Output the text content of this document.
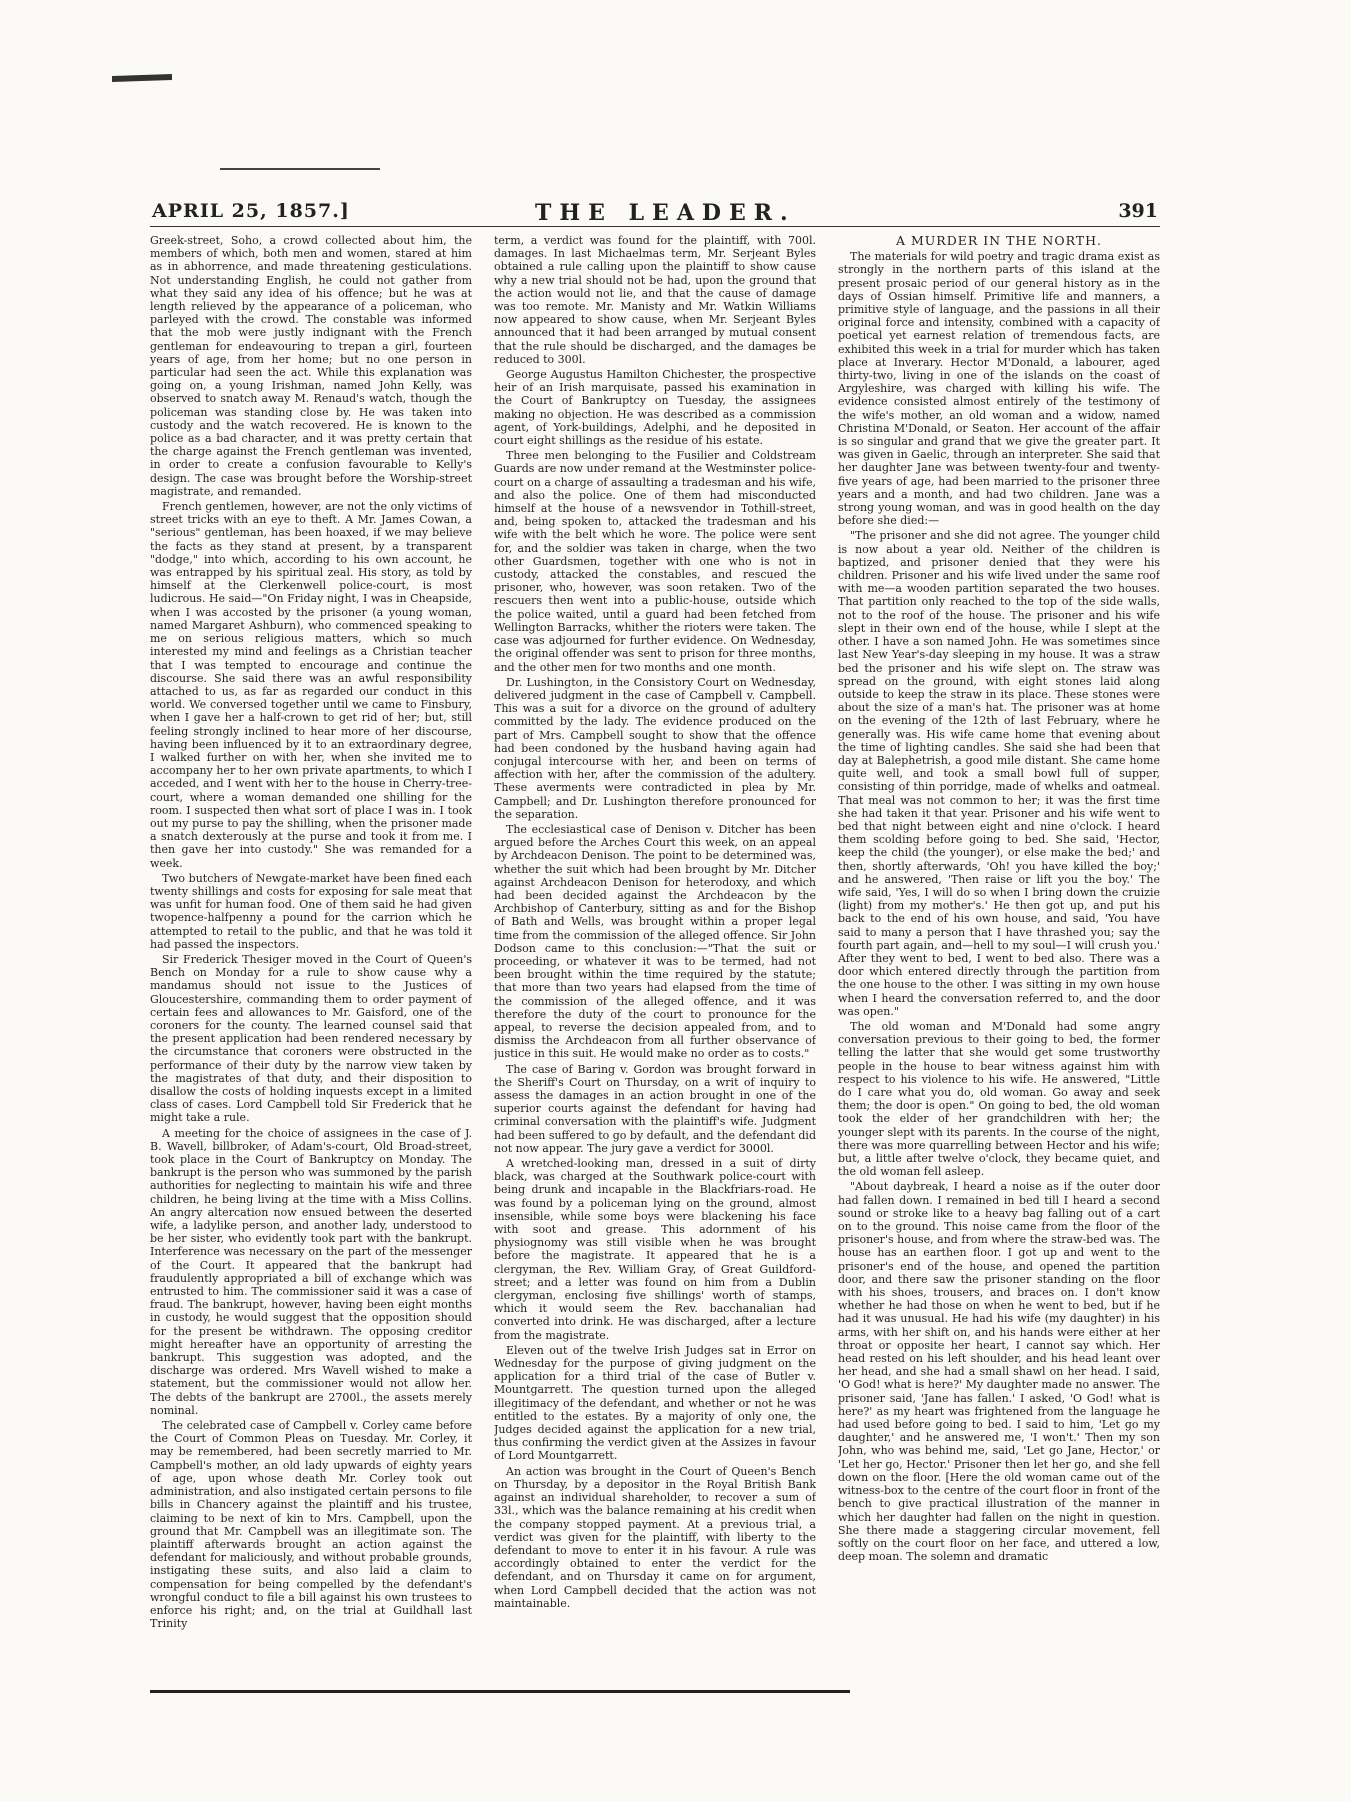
APRIL 25, 1857.]	THE LEADER.	391

Greek-street, Soho, a crowd collected about him, the members of which, both men and women, stared at him as in abhorrence, and made threatening gesticulations. Not understanding English, he could not gather from what they said any idea of his offence; but he was at length relieved by the appearance of a policeman, who parleyed with the crowd. The constable was informed that the mob were justly indignant with the French gentleman for endeavouring to trepan a girl, fourteen years of age, from her home; but no one person in particular had seen the act. While this explanation was going on, a young Irishman, named John Kelly, was observed to snatch away M. Renaud's watch, though the policeman was standing close by. He was taken into custody and the watch recovered. He is known to the police as a bad character, and it was pretty certain that the charge against the French gentleman was invented, in order to create a confusion favourable to Kelly's design. The case was brought before the Worship-street magistrate, and remanded.

French gentlemen, however, are not the only victims of street tricks with an eye to theft. A Mr. James Cowan, a "serious" gentleman, has been hoaxed, if we may believe the facts as they stand at present, by a transparent "dodge," into which, according to his own account, he was entrapped by his spiritual zeal. His story, as told by himself at the Clerkenwell police-court, is most ludicrous. He said—"On Friday night, I was in Cheapside, when I was accosted by the prisoner (a young woman, named Margaret Ashburn), who commenced speaking to me on serious religious matters, which so much interested my mind and feelings as a Christian teacher that I was tempted to encourage and continue the discourse. She said there was an awful responsibility attached to us, as far as regarded our conduct in this world. We conversed together until we came to Finsbury, when I gave her a half-crown to get rid of her; but, still feeling strongly inclined to hear more of her discourse, having been influenced by it to an extraordinary degree, I walked further on with her, when she invited me to accompany her to her own private apartments, to which I acceded, and I went with her to the house in Cherry-tree-court, where a woman demanded one shilling for the room. I suspected then what sort of place I was in. I took out my purse to pay the shilling, when the prisoner made a snatch dexterously at the purse and took it from me. I then gave her into custody." She was remanded for a week.

Two butchers of Newgate-market have been fined each twenty shillings and costs for exposing for sale meat that was unfit for human food. One of them said he had given twopence-halfpenny a pound for the carrion which he attempted to retail to the public, and that he was told it had passed the inspectors.

Sir Frederick Thesiger moved in the Court of Queen's Bench on Monday for a rule to show cause why a mandamus should not issue to the Justices of Gloucestershire, commanding them to order payment of certain fees and allowances to Mr. Gaisford, one of the coroners for the county. The learned counsel said that the present application had been rendered necessary by the circumstance that coroners were obstructed in the performance of their duty by the narrow view taken by the magistrates of that duty, and their disposition to disallow the costs of holding inquests except in a limited class of cases. Lord Campbell told Sir Frederick that he might take a rule.

A meeting for the choice of assignees in the case of J. B. Wavell, billbroker, of Adam's-court, Old Broad-street, took place in the Court of Bankruptcy on Monday. The bankrupt is the person who was summoned by the parish authorities for neglecting to maintain his wife and three children, he being living at the time with a Miss Collins. An angry altercation now ensued between the deserted wife, a ladylike person, and another lady, understood to be her sister, who evidently took part with the bankrupt. Interference was necessary on the part of the messenger of the Court. It appeared that the bankrupt had fraudulently appropriated a bill of exchange which was entrusted to him. The commissioner said it was a case of fraud. The bankrupt, however, having been eight months in custody, he would suggest that the opposition should for the present be withdrawn. The opposing creditor might hereafter have an opportunity of arresting the bankrupt. This suggestion was adopted, and the discharge was ordered. Mrs Wavell wished to make a statement, but the commissioner would not allow her. The debts of the bankrupt are 2700l., the assets merely nominal.

The celebrated case of Campbell v. Corley came before the Court of Common Pleas on Tuesday. Mr. Corley, it may be remembered, had been secretly married to Mr. Campbell's mother, an old lady upwards of eighty years of age, upon whose death Mr. Corley took out administration, and also instigated certain persons to file bills in Chancery against the plaintiff and his trustee, claiming to be next of kin to Mrs. Campbell, upon the ground that Mr. Campbell was an illegitimate son. The plaintiff afterwards brought an action against the defendant for maliciously, and without probable grounds, instigating these suits, and also laid a claim to compensation for being compelled by the defendant's wrongful conduct to file a bill against his own trustees to enforce his right; and, on the trial at Guildhall last Trinity

term, a verdict was found for the plaintiff, with 700l. damages. In last Michaelmas term, Mr. Serjeant Byles obtained a rule calling upon the plaintiff to show cause why a new trial should not be had, upon the ground that the action would not lie, and that the cause of damage was too remote. Mr. Manisty and Mr. Watkin Williams now appeared to show cause, when Mr. Serjeant Byles announced that it had been arranged by mutual consent that the rule should be discharged, and the damages be reduced to 300l.

George Augustus Hamilton Chichester, the prospective heir of an Irish marquisate, passed his examination in the Court of Bankruptcy on Tuesday, the assignees making no objection. He was described as a commission agent, of York-buildings, Adelphi, and he deposited in court eight shillings as the residue of his estate.

Three men belonging to the Fusilier and Coldstream Guards are now under remand at the Westminster police-court on a charge of assaulting a tradesman and his wife, and also the police. One of them had misconducted himself at the house of a newsvendor in Tothill-street, and, being spoken to, attacked the tradesman and his wife with the belt which he wore. The police were sent for, and the soldier was taken in charge, when the two other Guardsmen, together with one who is not in custody, attacked the constables, and rescued the prisoner, who, however, was soon retaken. Two of the rescuers then went into a public-house, outside which the police waited, until a guard had been fetched from Wellington Barracks, whither the rioters were taken. The case was adjourned for further evidence. On Wednesday, the original offender was sent to prison for three months, and the other men for two months and one month.

Dr. Lushington, in the Consistory Court on Wednesday, delivered judgment in the case of Campbell v. Campbell. This was a suit for a divorce on the ground of adultery committed by the lady. The evidence produced on the part of Mrs. Campbell sought to show that the offence had been condoned by the husband having again had conjugal intercourse with her, and been on terms of affection with her, after the commission of the adultery. These averments were contradicted in plea by Mr. Campbell; and Dr. Lushington therefore pronounced for the separation.

The ecclesiastical case of Denison v. Ditcher has been argued before the Arches Court this week, on an appeal by Archdeacon Denison. The point to be determined was, whether the suit which had been brought by Mr. Ditcher against Archdeacon Denison for heterodoxy, and which had been decided against the Archdeacon by the Archbishop of Canterbury, sitting as and for the Bishop of Bath and Wells, was brought within a proper legal time from the commission of the alleged offence. Sir John Dodson came to this conclusion:—"That the suit or proceeding, or whatever it was to be termed, had not been brought within the time required by the statute; that more than two years had elapsed from the time of the commission of the alleged offence, and it was therefore the duty of the court to pronounce for the appeal, to reverse the decision appealed from, and to dismiss the Archdeacon from all further observance of justice in this suit. He would make no order as to costs."

The case of Baring v. Gordon was brought forward in the Sheriff's Court on Thursday, on a writ of inquiry to assess the damages in an action brought in one of the superior courts against the defendant for having had criminal conversation with the plaintiff's wife. Judgment had been suffered to go by default, and the defendant did not now appear. The jury gave a verdict for 3000l.

A wretched-looking man, dressed in a suit of dirty black, was charged at the Southwark police-court with being drunk and incapable in the Blackfriars-road. He was found by a policeman lying on the ground, almost insensible, while some boys were blackening his face with soot and grease. This adornment of his physiognomy was still visible when he was brought before the magistrate. It appeared that he is a clergyman, the Rev. William Gray, of Great Guildford-street; and a letter was found on him from a Dublin clergyman, enclosing five shillings' worth of stamps, which it would seem the Rev. bacchanalian had converted into drink. He was discharged, after a lecture from the magistrate.

Eleven out of the twelve Irish Judges sat in Error on Wednesday for the purpose of giving judgment on the application for a third trial of the case of Butler v. Mountgarrett. The question turned upon the alleged illegitimacy of the defendant, and whether or not he was entitled to the estates. By a majority of only one, the Judges decided against the application for a new trial, thus confirming the verdict given at the Assizes in favour of Lord Mountgarrett.

An action was brought in the Court of Queen's Bench on Thursday, by a depositor in the Royal British Bank against an individual shareholder, to recover a sum of 33l., which was the balance remaining at his credit when the company stopped payment. At a previous trial, a verdict was given for the plaintiff, with liberty to the defendant to move to enter it in his favour. A rule was accordingly obtained to enter the verdict for the defendant, and on Thursday it came on for argument, when Lord Campbell decided that the action was not maintainable.

A MURDER IN THE NORTH.

The materials for wild poetry and tragic drama exist as strongly in the northern parts of this island at the present prosaic period of our general history as in the days of Ossian himself. Primitive life and manners, a primitive style of language, and the passions in all their original force and intensity, combined with a capacity of poetical yet earnest relation of tremendous facts, are exhibited this week in a trial for murder which has taken place at Inverary. Hector M'Donald, a labourer, aged thirty-two, living in one of the islands on the coast of Argyleshire, was charged with killing his wife. The evidence consisted almost entirely of the testimony of the wife's mother, an old woman and a widow, named Christina M'Donald, or Seaton. Her account of the affair is so singular and grand that we give the greater part. It was given in Gaelic, through an interpreter. She said that her daughter Jane was between twenty-four and twenty-five years of age, had been married to the prisoner three years and a month, and had two children. Jane was a strong young woman, and was in good health on the day before she died:—

"The prisoner and she did not agree. The younger child is now about a year old. Neither of the children is baptized, and prisoner denied that they were his children. Prisoner and his wife lived under the same roof with me—a wooden partition separated the two houses. That partition only reached to the top of the side walls, not to the roof of the house. The prisoner and his wife slept in their own end of the house, while I slept at the other. I have a son named John. He was sometimes since last New Year's-day sleeping in my house. It was a straw bed the prisoner and his wife slept on. The straw was spread on the ground, with eight stones laid along outside to keep the straw in its place. These stones were about the size of a man's hat. The prisoner was at home on the evening of the 12th of last February, where he generally was. His wife came home that evening about the time of lighting candles. She said she had been that day at Balephetrish, a good mile distant. She came home quite well, and took a small bowl full of supper, consisting of thin porridge, made of whelks and oatmeal. That meal was not common to her; it was the first time she had taken it that year. Prisoner and his wife went to bed that night between eight and nine o'clock. I heard them scolding before going to bed. She said, 'Hector, keep the child (the younger), or else make the bed;' and then, shortly afterwards, 'Oh! you have killed the boy;' and he answered, 'Then raise or lift you the boy.' The wife said, 'Yes, I will do so when I bring down the cruizie (light) from my mother's.' He then got up, and put his back to the end of his own house, and said, 'You have said to many a person that I have thrashed you; say the fourth part again, and—hell to my soul—I will crush you.' After they went to bed, I went to bed also. There was a door which entered directly through the partition from the one house to the other. I was sitting in my own house when I heard the conversation referred to, and the door was open."

The old woman and M'Donald had some angry conversation previous to their going to bed, the former telling the latter that she would get some trustworthy people in the house to bear witness against him with respect to his violence to his wife. He answered, "Little do I care what you do, old woman. Go away and seek them; the door is open." On going to bed, the old woman took the elder of her grandchildren with her; the younger slept with its parents. In the course of the night, there was more quarrelling between Hector and his wife; but, a little after twelve o'clock, they became quiet, and the old woman fell asleep.

"About daybreak, I heard a noise as if the outer door had fallen down. I remained in bed till I heard a second sound or stroke like to a heavy bag falling out of a cart on to the ground. This noise came from the floor of the prisoner's house, and from where the straw-bed was. The house has an earthen floor. I got up and went to the prisoner's end of the house, and opened the partition door, and there saw the prisoner standing on the floor with his shoes, trousers, and braces on. I don't know whether he had those on when he went to bed, but if he had it was unusual. He had his wife (my daughter) in his arms, with her shift on, and his hands were either at her throat or opposite her heart, I cannot say which. Her head rested on his left shoulder, and his head leant over her head, and she had a small shawl on her head. I said, 'O God! what is here?' My daughter made no answer. The prisoner said, 'Jane has fallen.' I asked, 'O God! what is here?' as my heart was frightened from the language he had used before going to bed. I said to him, 'Let go my daughter,' and he answered me, 'I won't.' Then my son John, who was behind me, said, 'Let go Jane, Hector,' or 'Let her go, Hector.' Prisoner then let her go, and she fell down on the floor. [Here the old woman came out of the witness-box to the centre of the court floor in front of the bench to give practical illustration of the manner in which her daughter had fallen on the night in question. She there made a staggering circular movement, fell softly on the court floor on her face, and uttered a low, deep moan. The solemn and dramatic
